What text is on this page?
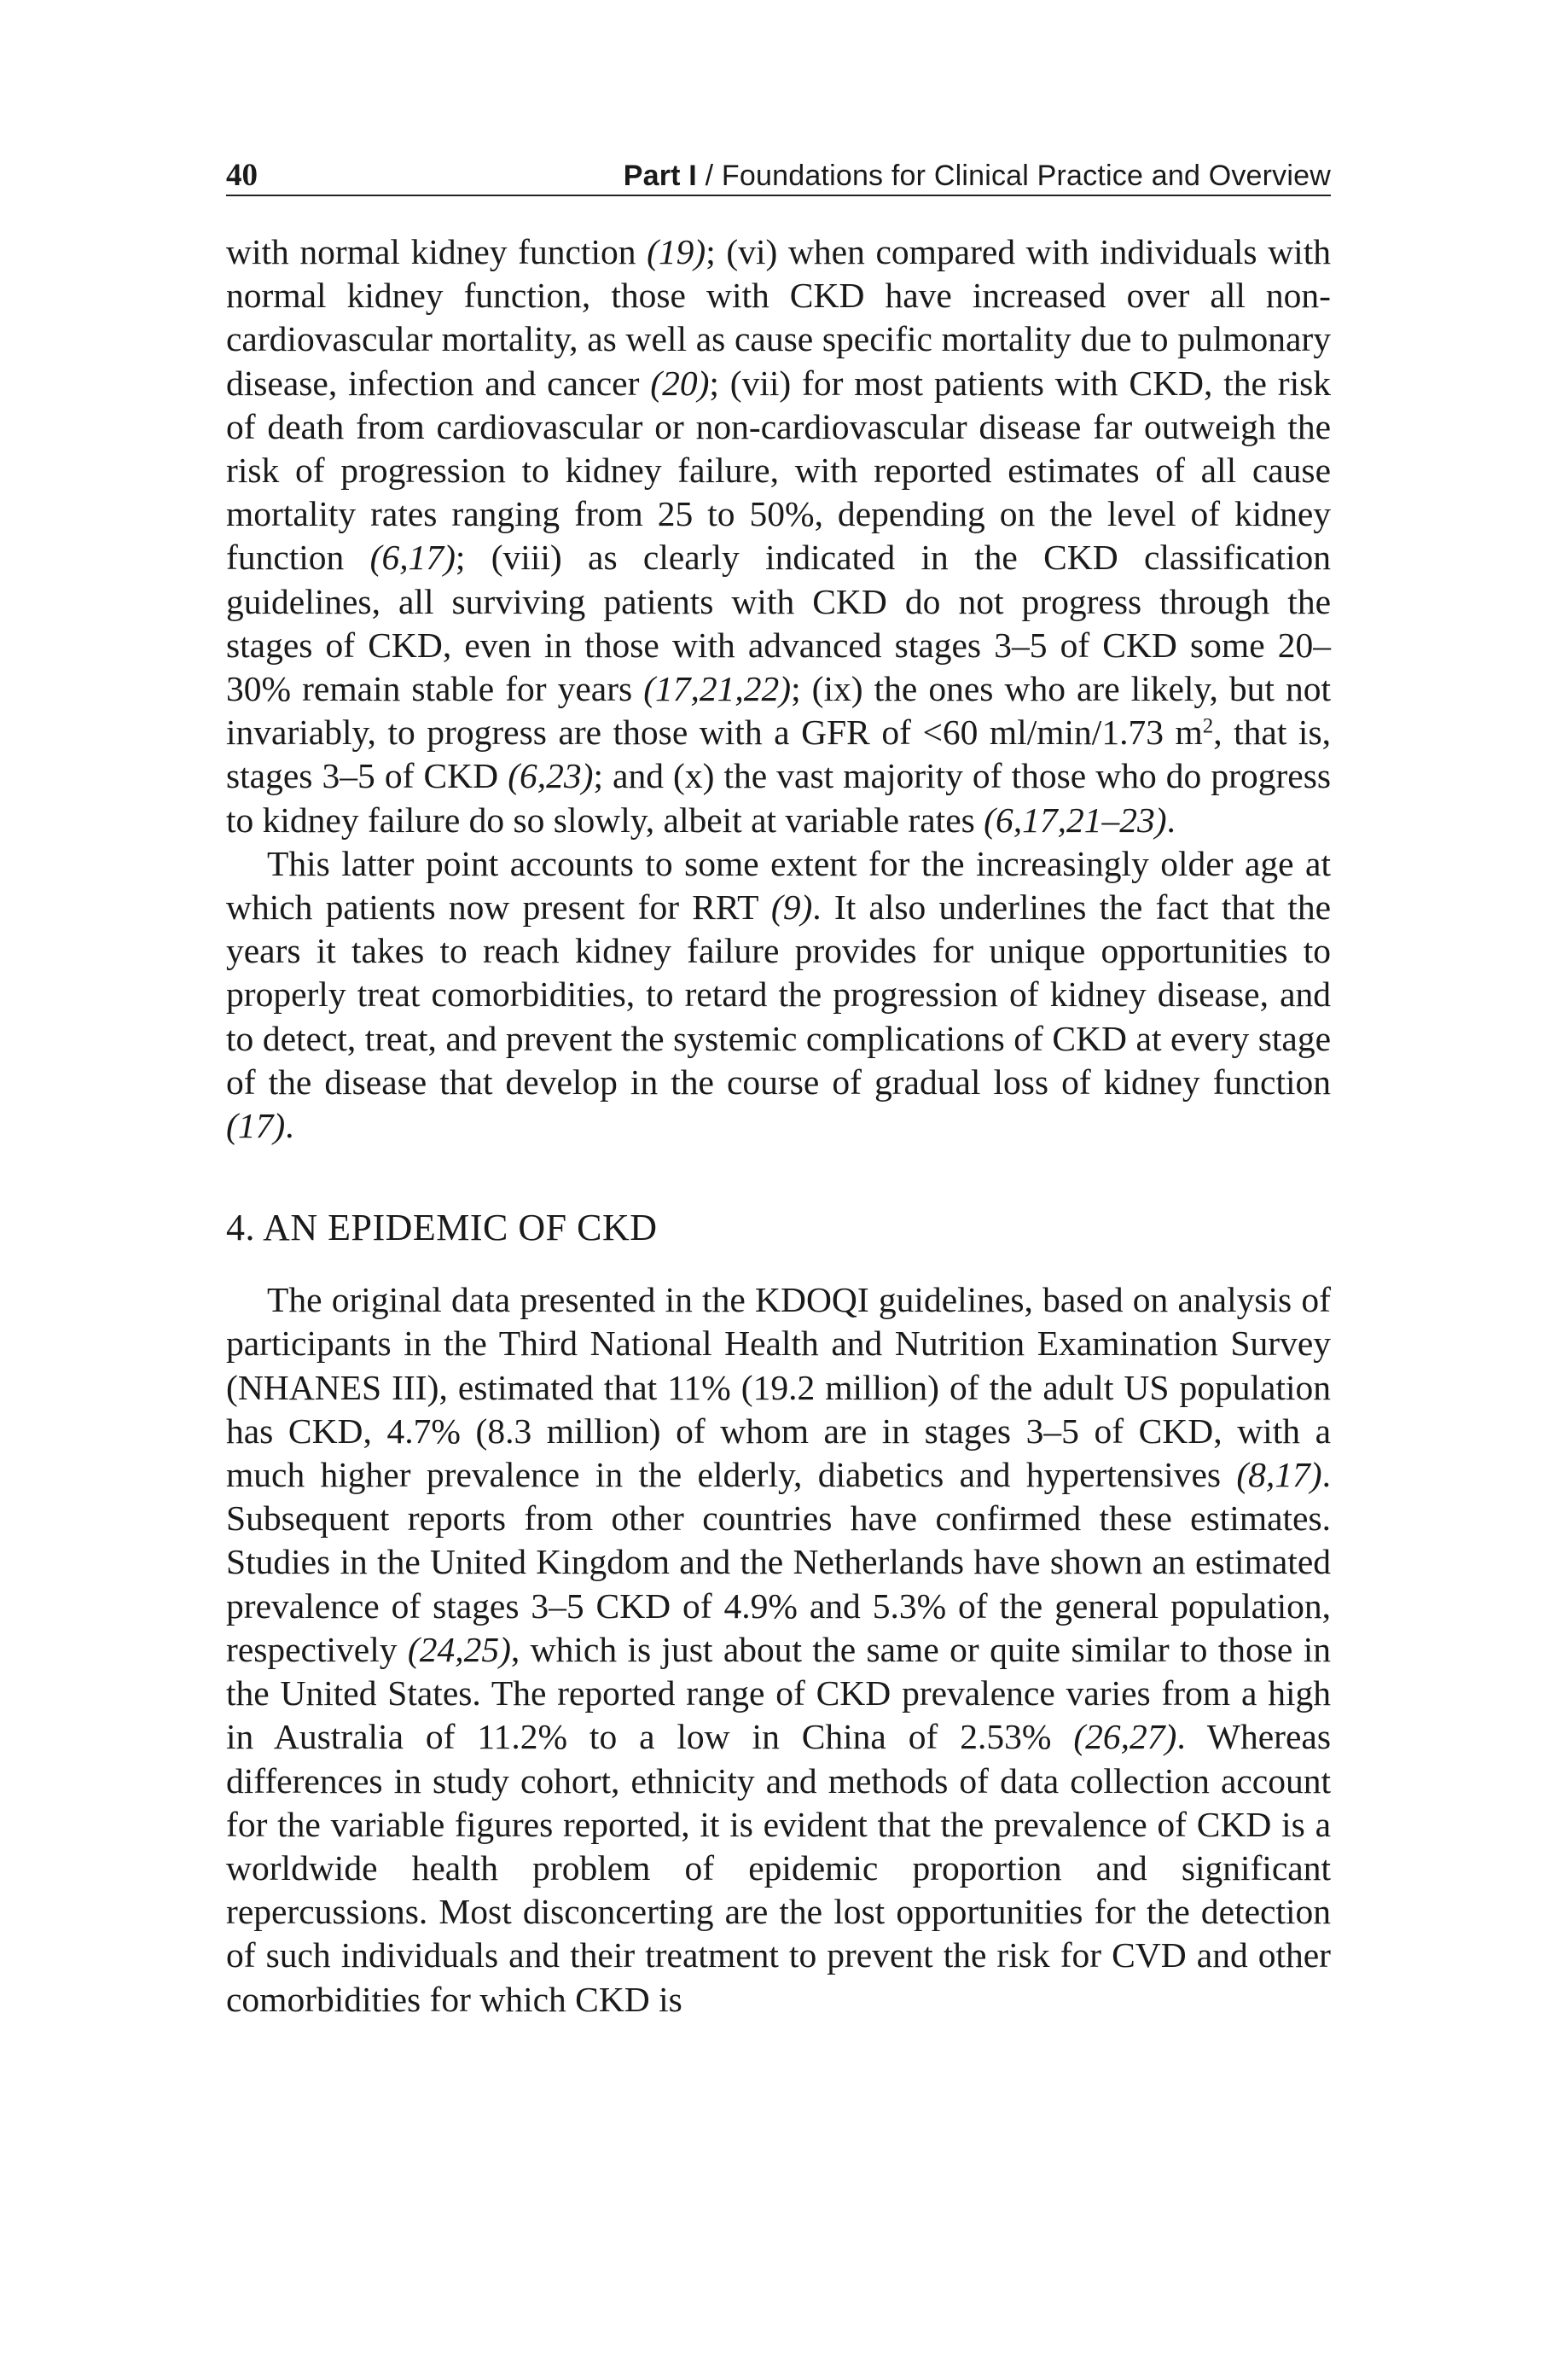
40	Part I / Foundations for Clinical Practice and Overview

with normal kidney function (19); (vi) when compared with individuals with normal kidney function, those with CKD have increased over all non-cardiovascular mortality, as well as cause specific mortality due to pulmonary disease, infection and cancer (20); (vii) for most patients with CKD, the risk of death from cardiovascular or non-cardiovascular disease far outweigh the risk of progression to kidney failure, with reported estimates of all cause mortality rates ranging from 25 to 50%, depending on the level of kidney function (6,17); (viii) as clearly indicated in the CKD classification guidelines, all surviving patients with CKD do not progress through the stages of CKD, even in those with advanced stages 3–5 of CKD some 20–30% remain stable for years (17,21,22); (ix) the ones who are likely, but not invariably, to progress are those with a GFR of <60 ml/min/1.73 $m^2$, that is, stages 3–5 of CKD (6,23); and (x) the vast majority of those who do progress to kidney failure do so slowly, albeit at variable rates (6,17,21–23).

This latter point accounts to some extent for the increasingly older age at which patients now present for RRT (9). It also underlines the fact that the years it takes to reach kidney failure provides for unique opportunities to properly treat comorbidities, to retard the progression of kidney disease, and to detect, treat, and prevent the systemic complications of CKD at every stage of the disease that develop in the course of gradual loss of kidney function (17).

4. AN EPIDEMIC OF CKD

The original data presented in the KDOQI guidelines, based on analysis of participants in the Third National Health and Nutrition Examination Survey (NHANES III), estimated that 11% (19.2 million) of the adult US population has CKD, 4.7% (8.3 million) of whom are in stages 3–5 of CKD, with a much higher prevalence in the elderly, diabetics and hypertensives (8,17). Subsequent reports from other countries have confirmed these estimates. Studies in the United Kingdom and the Netherlands have shown an estimated prevalence of stages 3–5 CKD of 4.9% and 5.3% of the general population, respectively (24,25), which is just about the same or quite similar to those in the United States. The reported range of CKD prevalence varies from a high in Australia of 11.2% to a low in China of 2.53% (26,27). Whereas differences in study cohort, ethnicity and methods of data collection account for the variable figures reported, it is evident that the prevalence of CKD is a worldwide health problem of epidemic proportion and significant repercussions. Most disconcerting are the lost opportunities for the detection of such individuals and their treatment to prevent the risk for CVD and other comorbidities for which CKD is
